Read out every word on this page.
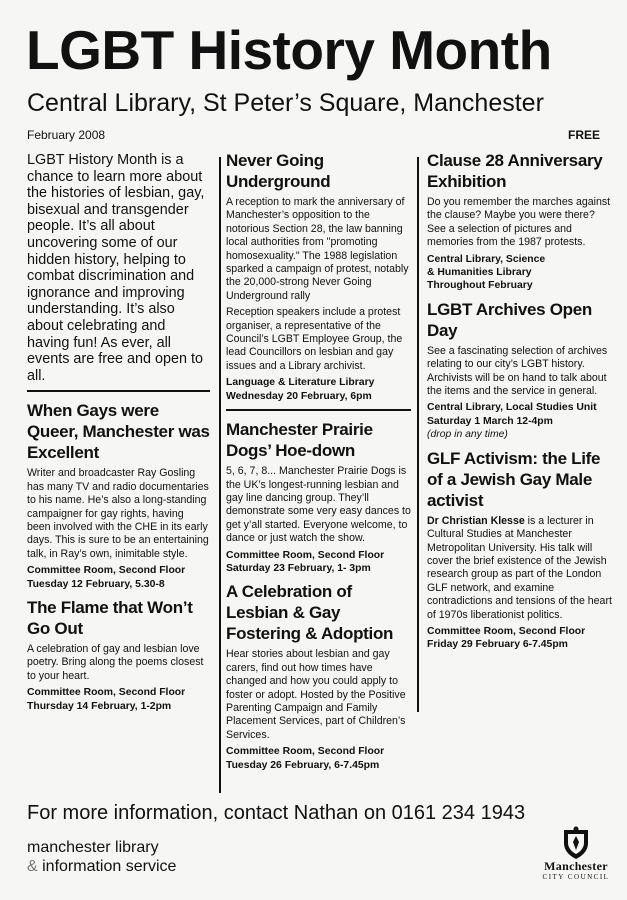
LGBT History Month
Central Library, St Peter’s Square, Manchester
February 2008	FREE

LGBT History Month is a chance to learn more about the histories of lesbian, gay, bisexual and transgender people. It’s all about uncovering some of our hidden history, helping to combat discrimination and ignorance and improving understanding. It’s also about celebrating and having fun! As ever, all events are free and open to all.

When Gays were Queer, Manchester was Excellent

Writer and broadcaster Ray Gosling has many TV and radio documentaries to his name. He’s also a long-standing campaigner for gay rights, having been involved with the CHE in its early days. This is sure to be an entertaining talk, in Ray’s own, inimitable style.

Committee Room, Second Floor
Tuesday 12 February, 5.30-8

The Flame that Won’t Go Out

A celebration of gay and lesbian love poetry. Bring along the poems closest to your heart.

Committee Room, Second Floor
Thursday 14 February, 1-2pm

Never Going Underground

A reception to mark the anniversary of Manchester’s opposition to the notorious Section 28, the law banning local authorities from "promoting homosexuality." The 1988 legislation sparked a campaign of protest, notably the 20,000-strong Never Going Underground rally

Reception speakers include a protest organiser, a representative of the Council’s LGBT Employee Group, the lead Councillors on lesbian and gay issues and a Library archivist.

Language & Literature Library
Wednesday 20 February, 6pm

Manchester Prairie Dogs’ Hoe-down

5, 6, 7, 8... Manchester Prairie Dogs is the UK’s longest-running lesbian and gay line dancing group. They’ll demonstrate some very easy dances to get y’all started. Everyone welcome, to dance or just watch the show.

Committee Room, Second Floor
Saturday 23 February, 1- 3pm

A Celebration of Lesbian & Gay Fostering & Adoption

Hear stories about lesbian and gay carers, find out how times have changed and how you could apply to foster or adopt. Hosted by the Positive Parenting Campaign and Family Placement Services, part of Children’s Services.

Committee Room, Second Floor
Tuesday 26 February, 6-7.45pm

Clause 28 Anniversary Exhibition

Do you remember the marches against the clause? Maybe you were there? See a selection of pictures and memories from the 1987 protests.

Central Library, Science
& Humanities Library
Throughout February

LGBT Archives Open Day

See a fascinating selection of archives relating to our city’s LGBT history. Archivists will be on hand to talk about the items and the service in general.

Central Library, Local Studies Unit
Saturday 1 March 12-4pm
(drop in any time)

GLF Activism: the Life of a Jewish Gay Male activist

Dr Christian Klesse is a lecturer in Cultural Studies at Manchester Metropolitan University. His talk will cover the brief existence of the Jewish research group as part of the London GLF network, and examine contradictions and tensions of the heart of 1970s liberationist politics.

Committee Room, Second Floor
Friday 29 February 6-7.45pm

For more information, contact Nathan on 0161 234 1943
manchester library
& information service	Manchester
CITY COUNCIL
